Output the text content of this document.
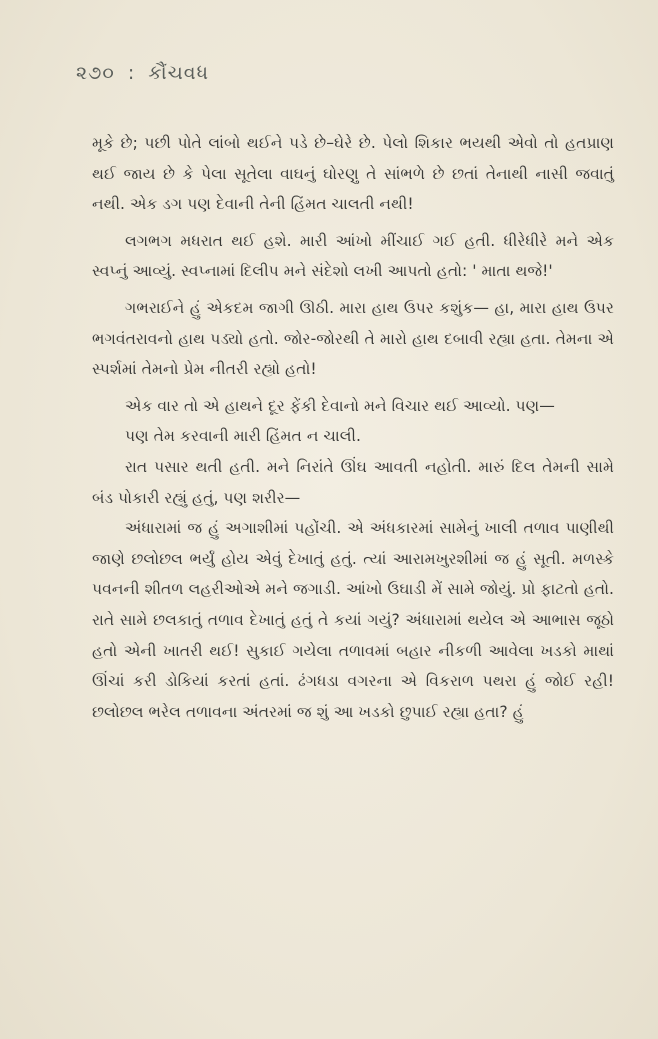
૨૭૦ : કૌંચવધ

મૂકે છે; પછી પોતે લાંબો થઈને પડે છે–ઘેરે છે. પેલો શિકાર ભયથી એવો તો હતપ્રાણ થઈ જાય છે કે પેલા સૂતેલા વાઘનું ઘોરણુ તે સાંભળે છે છતાં તેનાથી નાસી જવાતું નથી. એક ડગ પણ દેવાની તેની હિંમત ચાલતી નથી!

લગભગ મધરાત થઈ હશે. મારી આંખો મીંચાઈ ગઈ હતી. ધીરેધીરે મને એક સ્વપ્નું આવ્યું. સ્વપ્નામાં દિલીપ મને સંદેશો લખી આપતો હતો: ' માતા થજે!'

ગભરાઈને હું એકદમ જાગી ઊઠી. મારા હાથ ઉપર કશુંક— હા, મારા હાથ ઉપર ભગવંતરાવનો હાથ પડ્યો હતો. જોર-જોરથી તે મારો હાથ દબાવી રહ્યા હતા. તેમના એ સ્પર્શમાં તેમનો પ્રેમ નીતરી રહ્યો હતો!

એક વાર તો એ હાથને દૂર ફેંકી દેવાનો મને વિચાર થઈ આવ્યો. પણ—

પણ તેમ કરવાની મારી હિંમત ન ચાલી.

રાત પસાર થતી હતી. મને નિરાંતે ઊંઘ આવતી નહોતી. મારું દિલ તેમની સામે બંડ પોકારી રહ્યું હતું, પણ શરીર—

અંધારામાં જ હું અગાશીમાં પહોંચી. એ અંધકારમાં સામેનું ખાલી તળાવ પાણીથી જાણે છલોછલ ભર્યું હોય એવું દેખાતું હતું. ત્યાં આરામખુરશીમાં જ હું સૂતી. મળસ્કે પવનની શીતળ લહરીઓએ મને જગાડી. આંખો ઉઘાડી મેં સામે જોયું. પ્રો ફાટતો હતો. રાતે સામે છલકાતું તળાવ દેખાતું હતું તે કયાં ગયું? અંધારામાં થયેલ એ આભાસ જૂઠો હતો એની ખાતરી થઈ! સુકાઈ ગયેલા તળાવમાં બહાર નીકળી આવેલા ખડકો માથાં ઊંચાં કરી ડોકિયાં કરતાં હતાં. ઢંગધડા વગરના એ વિકરાળ પથરા હું જોઈ રહી! છલોછલ ભરેલ તળાવના અંતરમાં જ શું આ ખડકો છુપાઈ રહ્યા હતા? હું
